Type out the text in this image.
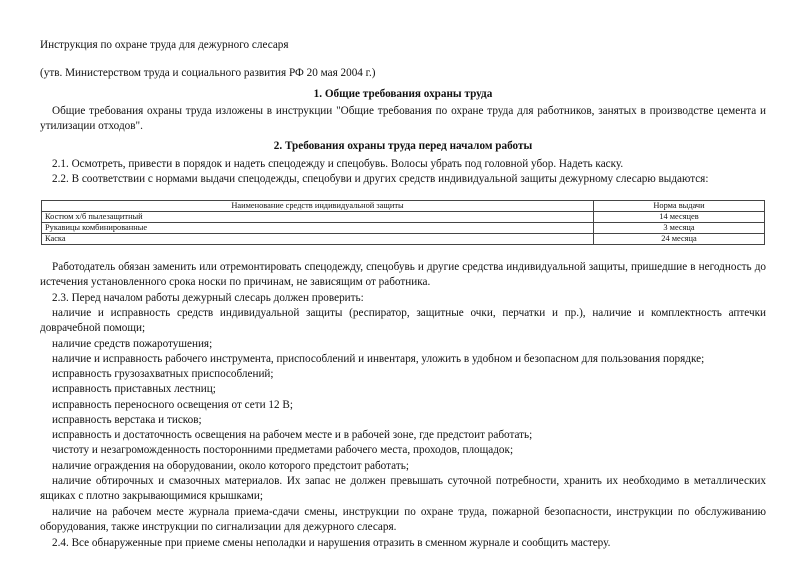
Инструкция по охране труда для дежурного слесаря

(утв. Министерством труда и социального развития РФ 20 мая 2004 г.)

1. Общие требования охраны труда

Общие требования охраны труда изложены в инструкции "Общие требования по охране труда для работников, занятых в производстве цемента и утилизации отходов".

2. Требования охраны труда перед началом работы

2.1. Осмотреть, привести в порядок и надеть спецодежду и спецобувь. Волосы убрать под головной убор. Надеть каску.

2.2. В соответствии с нормами выдачи спецодежды, спецобуви и других средств индивидуальной защиты дежурному слесарю выдаются:

Наименование средств индивидуальной защиты	Норма выдачи
Костюм х/б пылезащитный	14 месяцев
Рукавицы комбинированные	3 месяца
Каска	24 месяца

Работодатель обязан заменить или отремонтировать спецодежду, спецобувь и другие средства индивидуальной защиты, пришедшие в негодность до истечения установленного срока носки по причинам, не зависящим от работника.

2.3. Перед началом работы дежурный слесарь должен проверить:

наличие и исправность средств индивидуальной защиты (респиратор, защитные очки, перчатки и пр.), наличие и комплектность аптечки доврачебной помощи;

наличие средств пожаротушения;

наличие и исправность рабочего инструмента, приспособлений и инвентаря, уложить в удобном и безопасном для пользования порядке;

исправность грузозахватных приспособлений;

исправность приставных лестниц;

исправность переносного освещения от сети 12 В;

исправность верстака и тисков;

исправность и достаточность освещения на рабочем месте и в рабочей зоне, где предстоит работать;

чистоту и незагроможденность посторонними предметами рабочего места, проходов, площадок;

наличие ограждения на оборудовании, около которого предстоит работать;

наличие обтирочных и смазочных материалов. Их запас не должен превышать суточной потребности, хранить их необходимо в металлических ящиках с плотно закрывающимися крышками;

наличие на рабочем месте журнала приема-сдачи смены, инструкции по охране труда, пожарной безопасности, инструкции по обслуживанию оборудования, также инструкции по сигнализации для дежурного слесаря.

2.4. Все обнаруженные при приеме смены неполадки и нарушения отразить в сменном журнале и сообщить мастеру.
